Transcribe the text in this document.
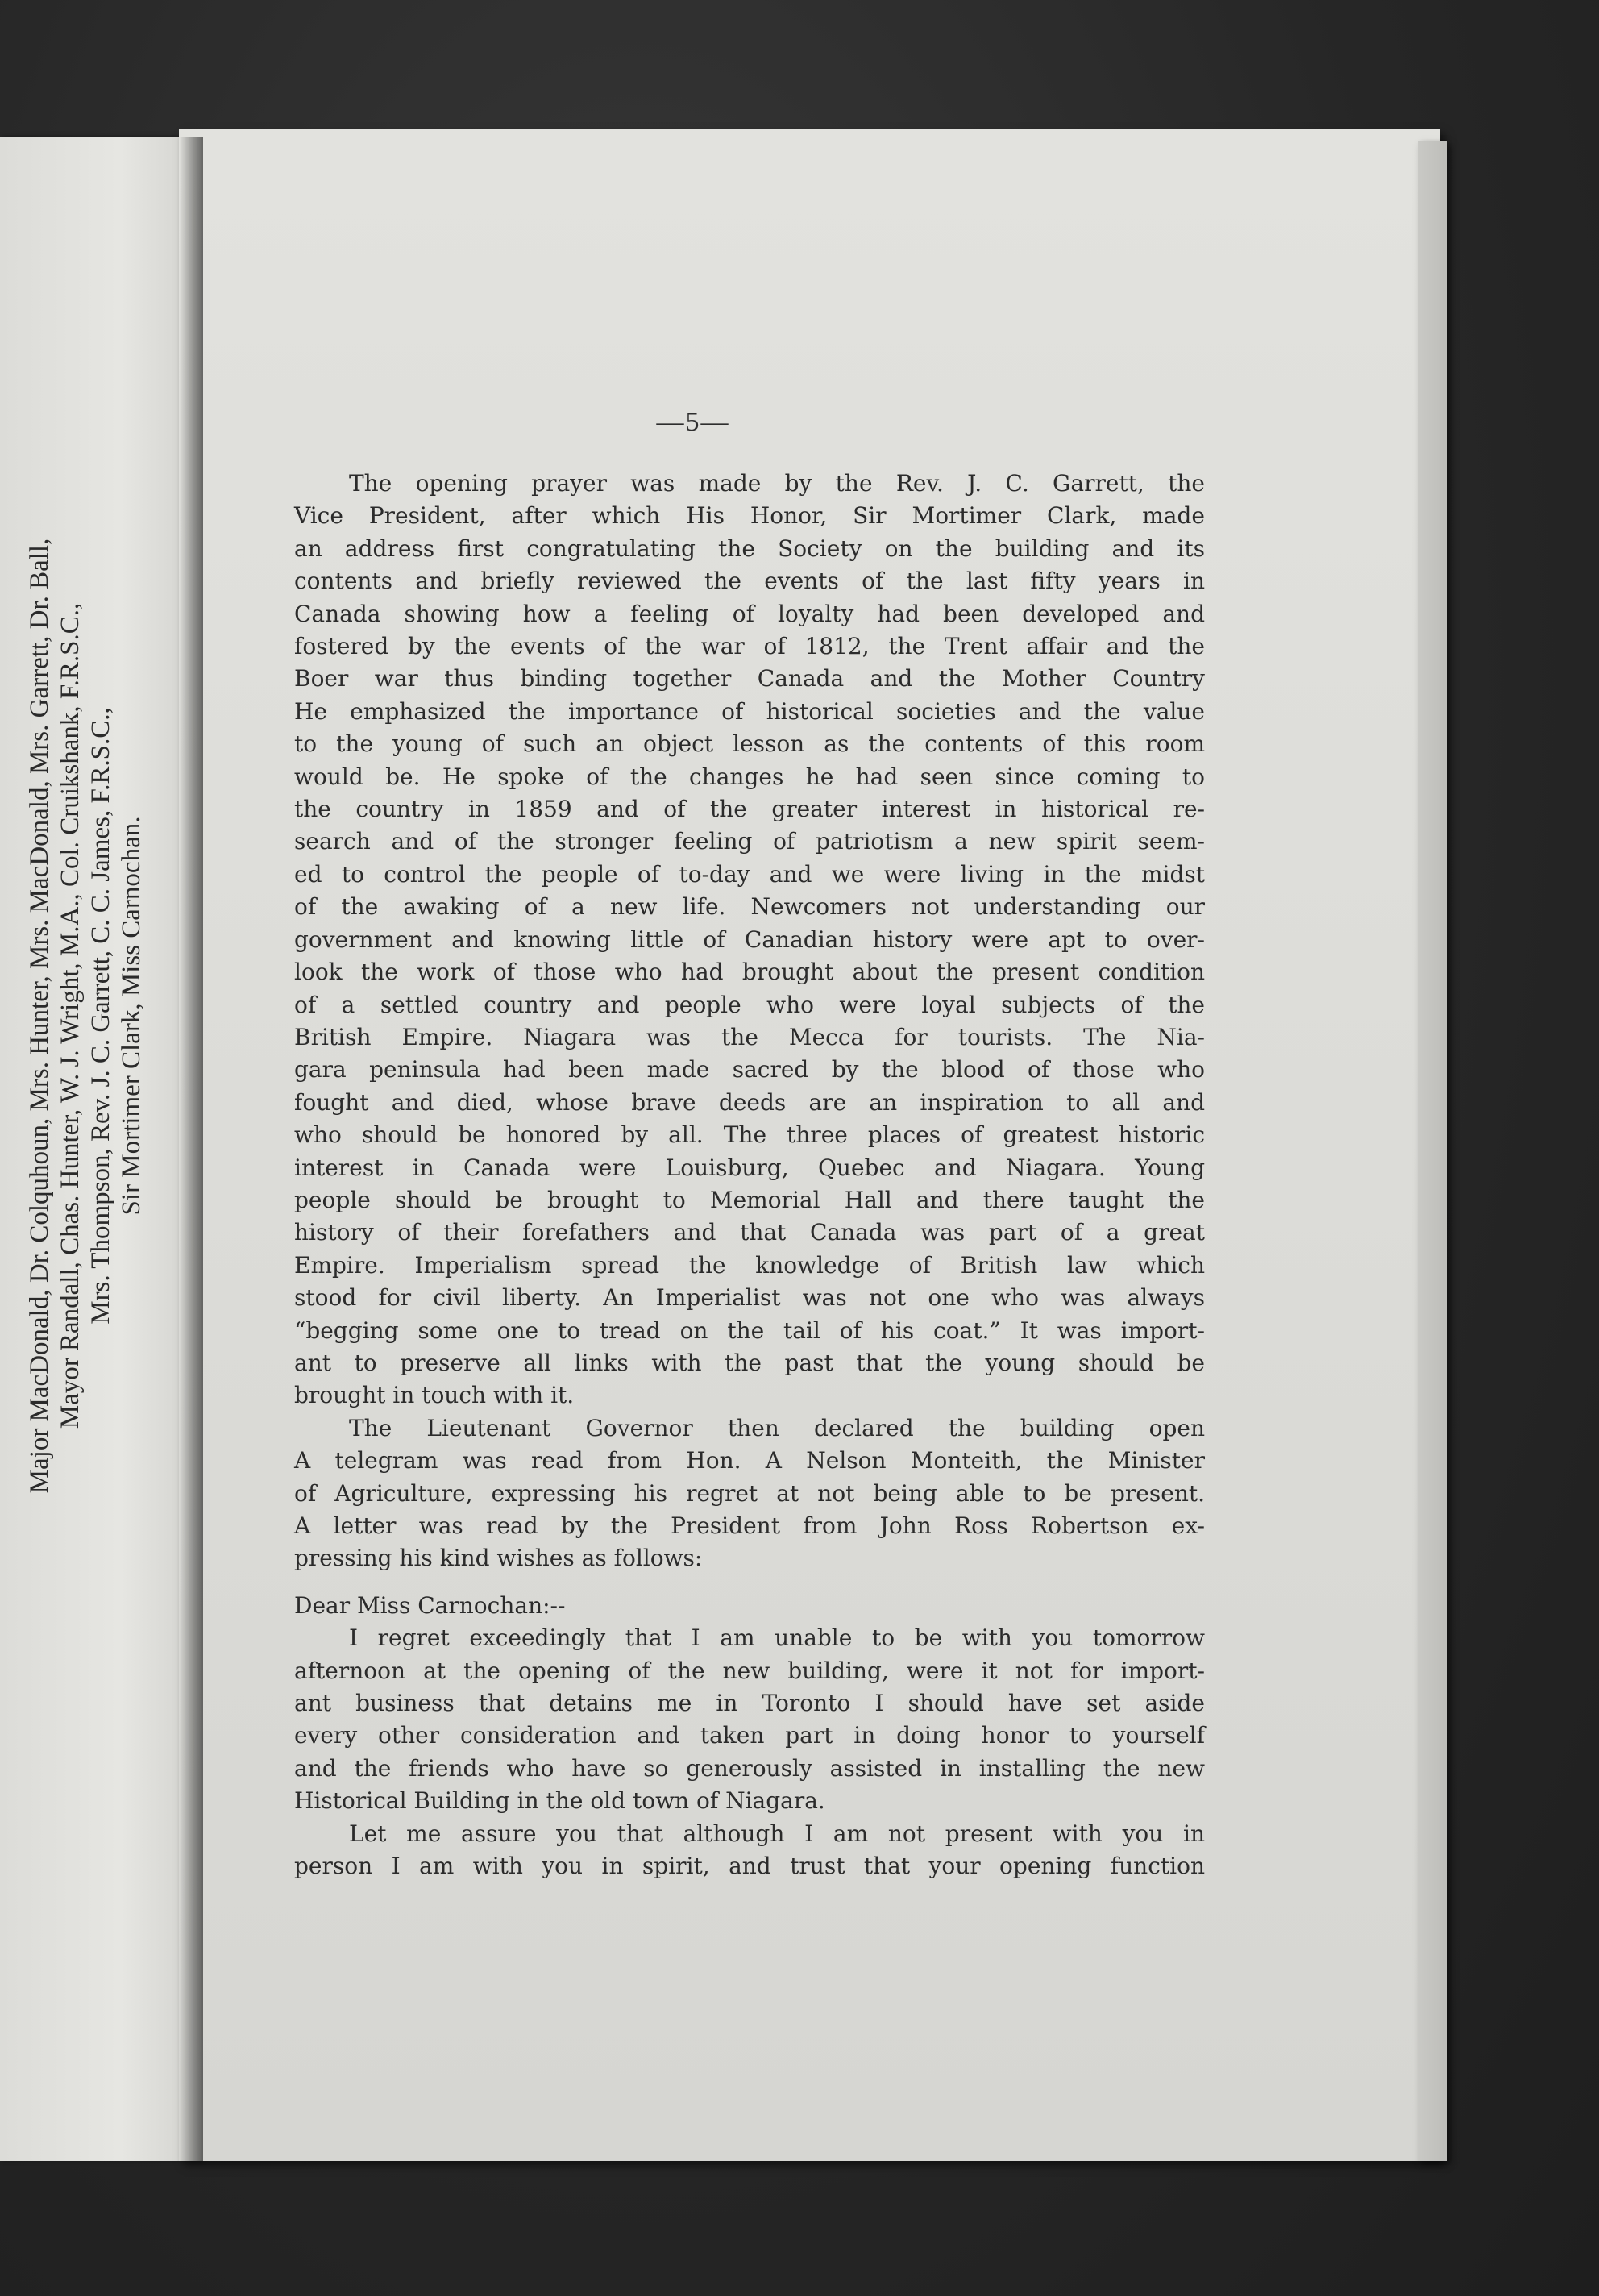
Major MacDonald, Dr. Colquhoun, Mrs. Hunter, Mrs. MacDonald, Mrs. Garrett, Dr. Ball, Mayor Randall, Chas. Hunter, W. J. Wright, M.A., Col. Cruikshank, F.R.S.C., Mrs. Thompson, Rev. J. C. Garrett, C. C. James, F.R.S.C., Sir Mortimer Clark, Miss Carnochan.

—5—

The opening prayer was made by the Rev. J. C. Garrett, the
Vice President, after which His Honor, Sir Mortimer Clark, made
an address first congratulating the Society on the building and its
contents and briefly reviewed the events of the last fifty years in
Canada showing how a feeling of loyalty had been developed and
fostered by the events of the war of 1812, the Trent affair and the
Boer war thus binding together Canada and the Mother Country
He emphasized the importance of historical societies and the value
to the young of such an object lesson as the contents of this room
would be. He spoke of the changes he had seen since coming to
the country in 1859 and of the greater interest in historical re-
search and of the stronger feeling of patriotism a new spirit seem-
ed to control the people of to-day and we were living in the midst
of the awaking of a new life. Newcomers not understanding our
government and knowing little of Canadian history were apt to over-
look the work of those who had brought about the present condition
of a settled country and people who were loyal subjects of the
British Empire. Niagara was the Mecca for tourists. The Nia-
gara peninsula had been made sacred by the blood of those who
fought and died, whose brave deeds are an inspiration to all and
who should be honored by all. The three places of greatest historic
interest in Canada were Louisburg, Quebec and Niagara. Young
people should be brought to Memorial Hall and there taught the
history of their forefathers and that Canada was part of a great
Empire. Imperialism spread the knowledge of British law which
stood for civil liberty. An Imperialist was not one who was always
“begging some one to tread on the tail of his coat.” It was import-
ant to preserve all links with the past that the young should be
brought in touch with it.

The Lieutenant Governor then declared the building open
A telegram was read from Hon. A Nelson Monteith, the Minister
of Agriculture, expressing his regret at not being able to be present.
A letter was read by the President from John Ross Robertson ex-
pressing his kind wishes as follows:

Dear Miss Carnochan:--

I regret exceedingly that I am unable to be with you tomorrow
afternoon at the opening of the new building, were it not for import-
ant business that detains me in Toronto I should have set aside
every other consideration and taken part in doing honor to yourself
and the friends who have so generously assisted in installing the new
Historical Building in the old town of Niagara.

Let me assure you that although I am not present with you in
person I am with you in spirit, and trust that your opening function
